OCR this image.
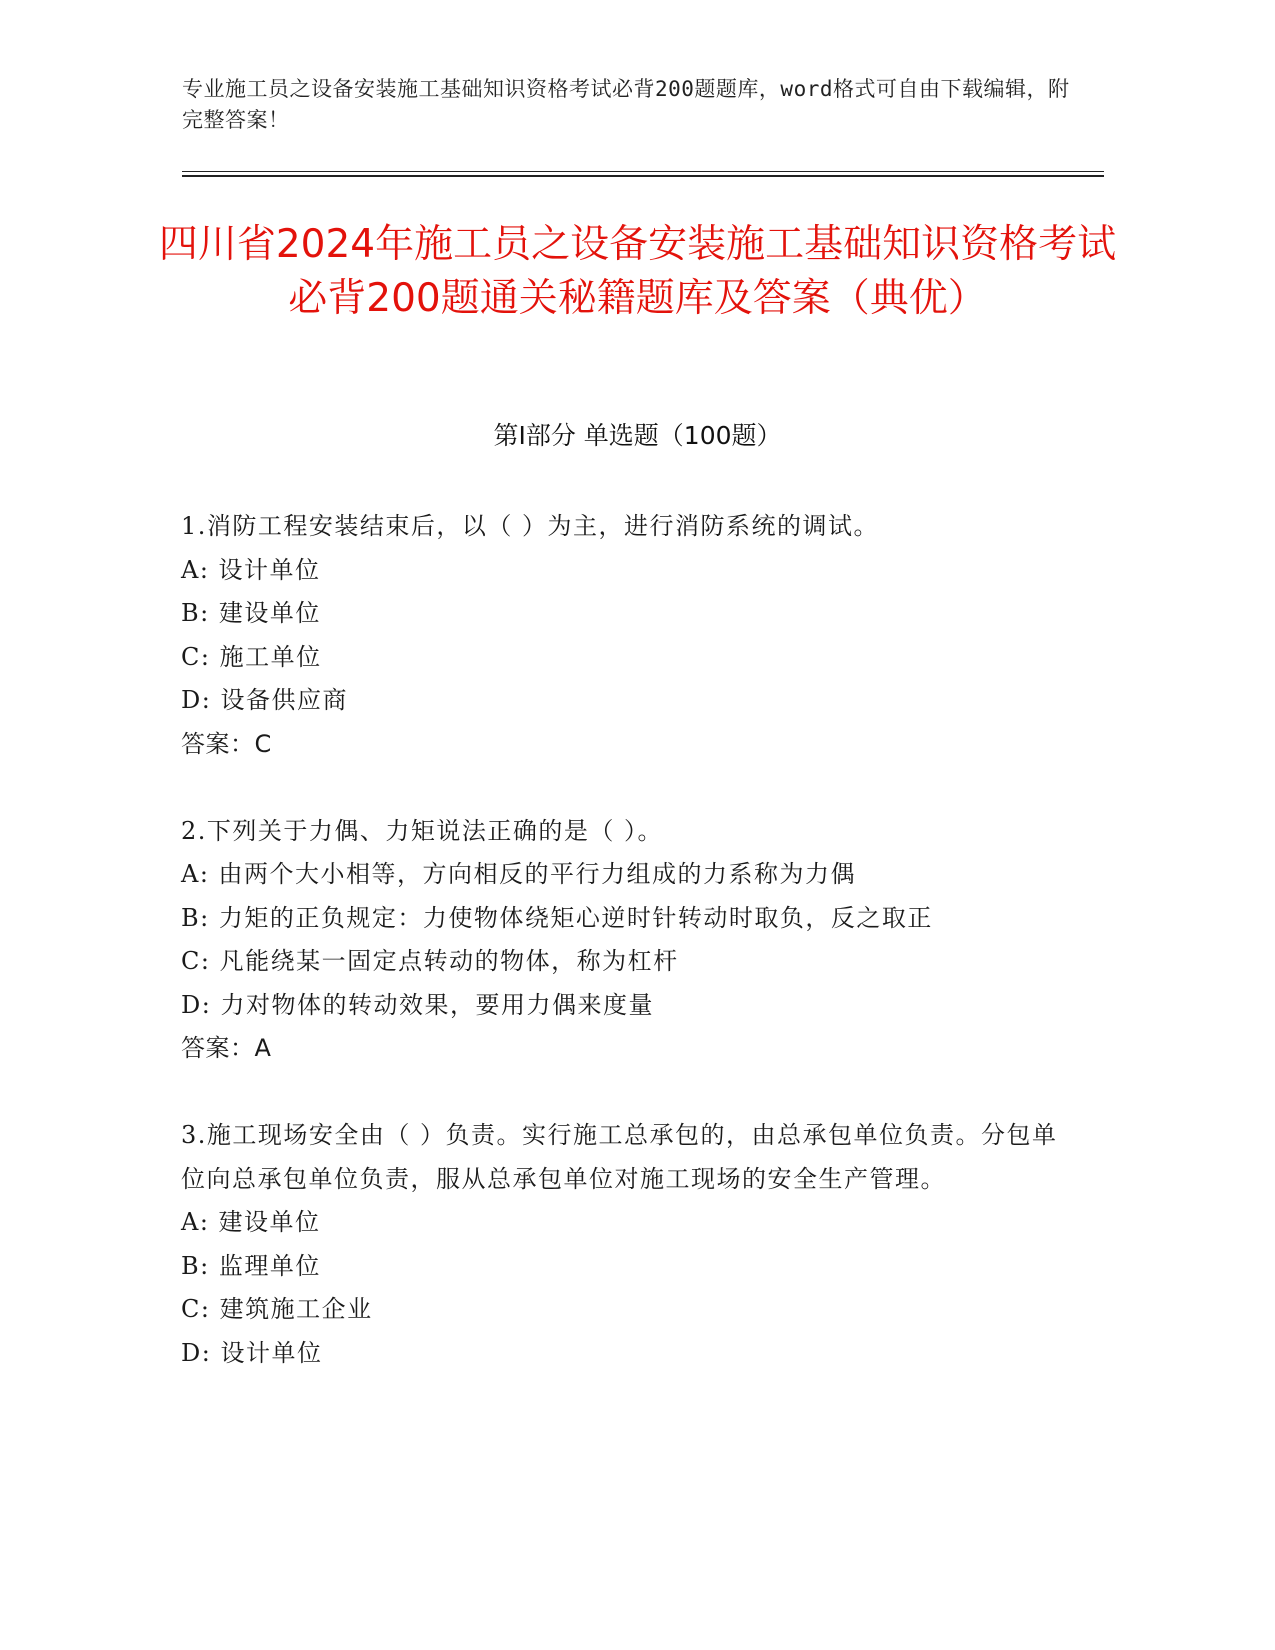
专业施工员之设备安装施工基础知识资格考试必背200题题库，word格式可自由下载编辑，附完整答案！
四川省2024年施工员之设备安装施工基础知识资格考试必背200题通关秘籍题库及答案（典优）
第I部分 单选题（100题）
1.消防工程安装结束后，以（ ）为主，进行消防系统的调试。
A: 设计单位
B: 建设单位
C: 施工单位
D: 设备供应商
答案：C
2.下列关于力偶、力矩说法正确的是（ ）。
A: 由两个大小相等，方向相反的平行力组成的力系称为力偶
B: 力矩的正负规定：力使物体绕矩心逆时针转动时取负，反之取正
C: 凡能绕某一固定点转动的物体，称为杠杆
D: 力对物体的转动效果，要用力偶来度量
答案：A
3.施工现场安全由（ ）负责。实行施工总承包的，由总承包单位负责。分包单位向总承包单位负责，服从总承包单位对施工现场的安全生产管理。
A: 建设单位
B: 监理单位
C: 建筑施工企业
D: 设计单位
